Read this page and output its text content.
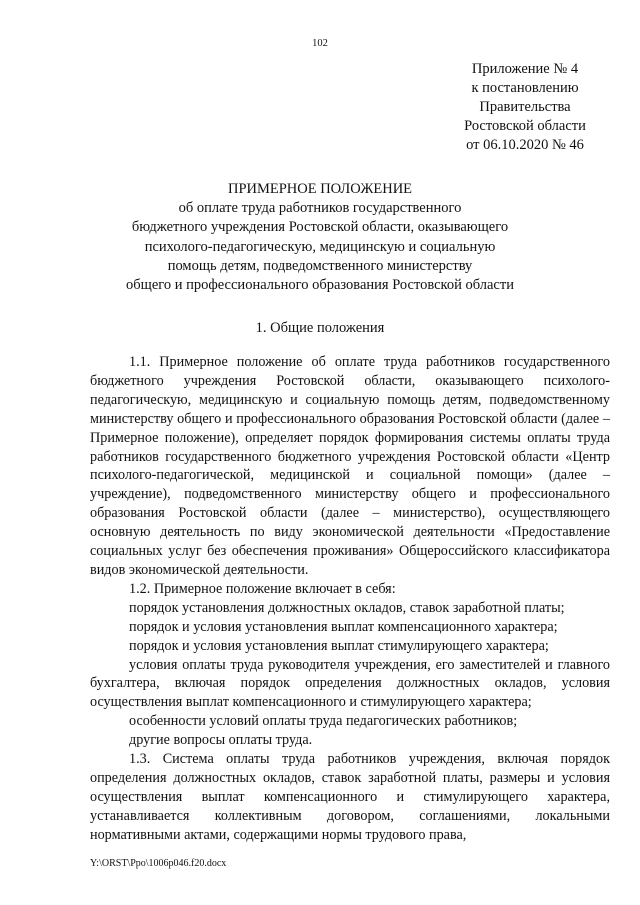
102
Приложение № 4
к постановлению
Правительства
Ростовской области
от 06.10.2020 № 46
ПРИМЕРНОЕ ПОЛОЖЕНИЕ
об оплате труда работников государственного
бюджетного учреждения Ростовской области, оказывающего
психолого-педагогическую, медицинскую и социальную
помощь детям, подведомственного министерству
общего и профессионального образования Ростовской области
1. Общие положения

1.1. Примерное положение об оплате труда работников государственного бюджетного учреждения Ростовской области, оказывающего психолого-педагогическую, медицинскую и социальную помощь детям, подведомственному министерству общего и профессионального образования Ростовской области (далее – Примерное положение), определяет порядок формирования системы оплаты труда работников государственного бюджетного учреждения Ростовской области «Центр психолого-педагогической, медицинской и социальной помощи» (далее – учреждение), подведомственного министерству общего и профессионального образования Ростовской области (далее – министерство), осуществляющего основную деятельность по виду экономической деятельности «Предоставление социальных услуг без обеспечения проживания» Общероссийского классификатора видов экономической деятельности.

1.2. Примерное положение включает в себя:

порядок установления должностных окладов, ставок заработной платы;

порядок и условия установления выплат компенсационного характера;

порядок и условия установления выплат стимулирующего характера;

условия оплаты труда руководителя учреждения, его заместителей и главного бухгалтера, включая порядок определения должностных окладов, условия осуществления выплат компенсационного и стимулирующего характера;

особенности условий оплаты труда педагогических работников;

другие вопросы оплаты труда.

1.3. Система оплаты труда работников учреждения, включая порядок определения должностных окладов, ставок заработной платы, размеры и условия осуществления выплат компенсационного и стимулирующего характера, устанавливается коллективным договором, соглашениями, локальными нормативными актами, содержащими нормы трудового права,

Y:\ORST\Ppo\1006p046.f20.docx
